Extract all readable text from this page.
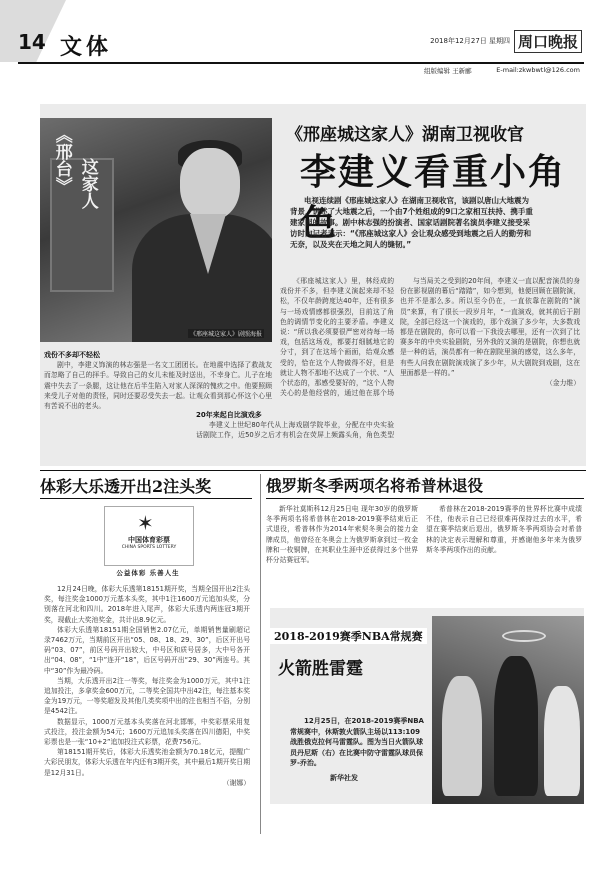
14 文体	2018年12月27日 星期四 周口晚报
组版编辑 王新郦	E-mail:zkwbwtl@126.com
《邢台》 这家人
《邢座城这家人》剧照海报
《邢座城这家人》湖南卫视收官
李建义看重小角色
电视连续剧《邢座城这家人》在湖南卫视收官，该剧以唐山大地震为背景，讲述了大地震之后，一个由7个姓组成的9口之家相互扶持、携手重建家园的故事。剧中林志强的扮演者、国家话剧院著名演员李建义接受采访时向记者表示：“《邢座城这家人》会让观众感受到地震之后人的勤劳和无奈，以及夹在天地之间人的缝韧。”
戏份不多却不轻松

剧中，李建义饰演的林志强是一名文工团团长。在地震中选择了救战友而忽略了自己的拝手。导致自己的女儿未能及时送出，不幸身亡。儿子在地震中失去了一条腿，这让他在后半生陷入对家人深深的愧疚之中。他要照顾来受儿子对他的责怪，同时还要忍受失去一起。让观众看到那心怀这个心里有苦说不出的老头。

《邢座城这家人》里，林经成的戏份并不多，但李建义演起来却不轻松，不仅年龄跨度达40年，还有很多与一场戏情感都很强烈，目前这了角色的调情节变化的主要矛盾。李建义说：“所以我必须要很严密对待每一场戏，包括这场戏，都要打细腻地它的分寸，到了在这场个画面，给观众感受的，恰在这个人物做得不好，但是就让人物不那地不达成了一个状、“人个状态的，那感受要好的，“这个人物关心的是他经营的，通过他在那个场

20年来起自比演戏多

李建义上世纪80年代从上海戏剧学院毕业，分配在中央实验话剧院工作，近50岁之后才有机会在荧屏上频露头角，角色类型

与当局关之受到的20年间，李建义一直以配音演员的身份在影视剧的幕后“踏踏”，如今想到，他便回顾在剧院演，也并不是那么多。所以至今仍在，一直依靠在剧院的“演员”来算，有了很长一段岁月年，“一直演戏，就其前后于剧院，全部已经这一个演戏的，那个戏演了多少年，大多数戏都是在剧院的，你可以看一下我没去哪里，还有一次到了比赛多年的中央实验剧院，另外我的又演的是剧院，你想也就是一种的话，演员都有一种在剧院里演的感觉，这么多年，有些人问我在剧院演戏演了多少年，从大剧院到戏剧，这在里面都是一样的。”

（金力维）
体彩大乐透开出2注头奖
✶
中国体育彩票
CHINA SPORTS LOTTERY
公益体彩 乐善人生

12月24日晚，体彩大乐透第18151期开奖，当期全国开出2注头奖，每注奖金1000万元基本头奖，其中1注1600万元追加头奖，分别落在河北和四川。2018年进入尾声，体彩大乐透内两连冠3期开奖，现截止大奖池奖金，共计出8.9亿元。

体彩大乐透第18151期全国销售2.07亿元，单期销售量刷超记录7462万元，当期前区开出“05、08、18、29、30”，后区开出号码“03、07”，前区号码开出较大，中号区和质号居多，大中号各开出“04、08”，“1中”连开“18”，后区号码开出“29、30”两连号。其中“30”作为最冷码。

当期，大乐透开出2注一等奖，每注奖金为1000万元，其中1注追加投注，多拿奖金600万元，二等奖全国共中出42注，每注基本奖金为19万元，一等奖超发及其他几类奖项中出的注也相当不俗，分别是4542注。

数据显示，1000万元基本头奖落在河北邯郸，中奖彩票采用复式投注，投注金额为54元；1600万元追加头奖落在四川德阳，中奖彩票也是一张“10+2”追加投注式彩票，花费756元。

第18151期开奖后，体彩大乐透奖池金额为70.18亿元，提醒广大彩民朋友，体彩大乐透在年内还有3期开奖，其中最后1期开奖日期是12月31日。

（谢娜）
俄罗斯冬季两项名将希普林退役

新华社莫斯科12月25日电 现年30岁的俄罗斯冬季两项名将希普林在2018-2019赛季结束后正式退役，希普林作为2014年索契冬奥会的接力金牌成员，他曾经在冬奥会上为俄罗斯拿到过一枚金牌和一枚铜牌，在其职业生涯中还获得过多个世界杯分站赛冠军。

希普林在2018-2019赛季的世界杯比赛中成绩不佳，他表示自己已经很难再保持过去的水平，希望在赛季结束后退出，俄罗斯冬季两项协会对希普林的决定表示理解和尊重，并感谢他多年来为俄罗斯冬季两项作出的贡献。

2018-2019赛季NBA常规赛
火箭胜雷霆
12月25日，在2018-2019赛季NBA常规赛中，休斯敦火箭队主场以113:109战胜俄克拉何马雷霆队。图为当日火箭队球员丹尼斯（右）在比赛中防守雷霆队球员保罗-乔治。
新华社发
